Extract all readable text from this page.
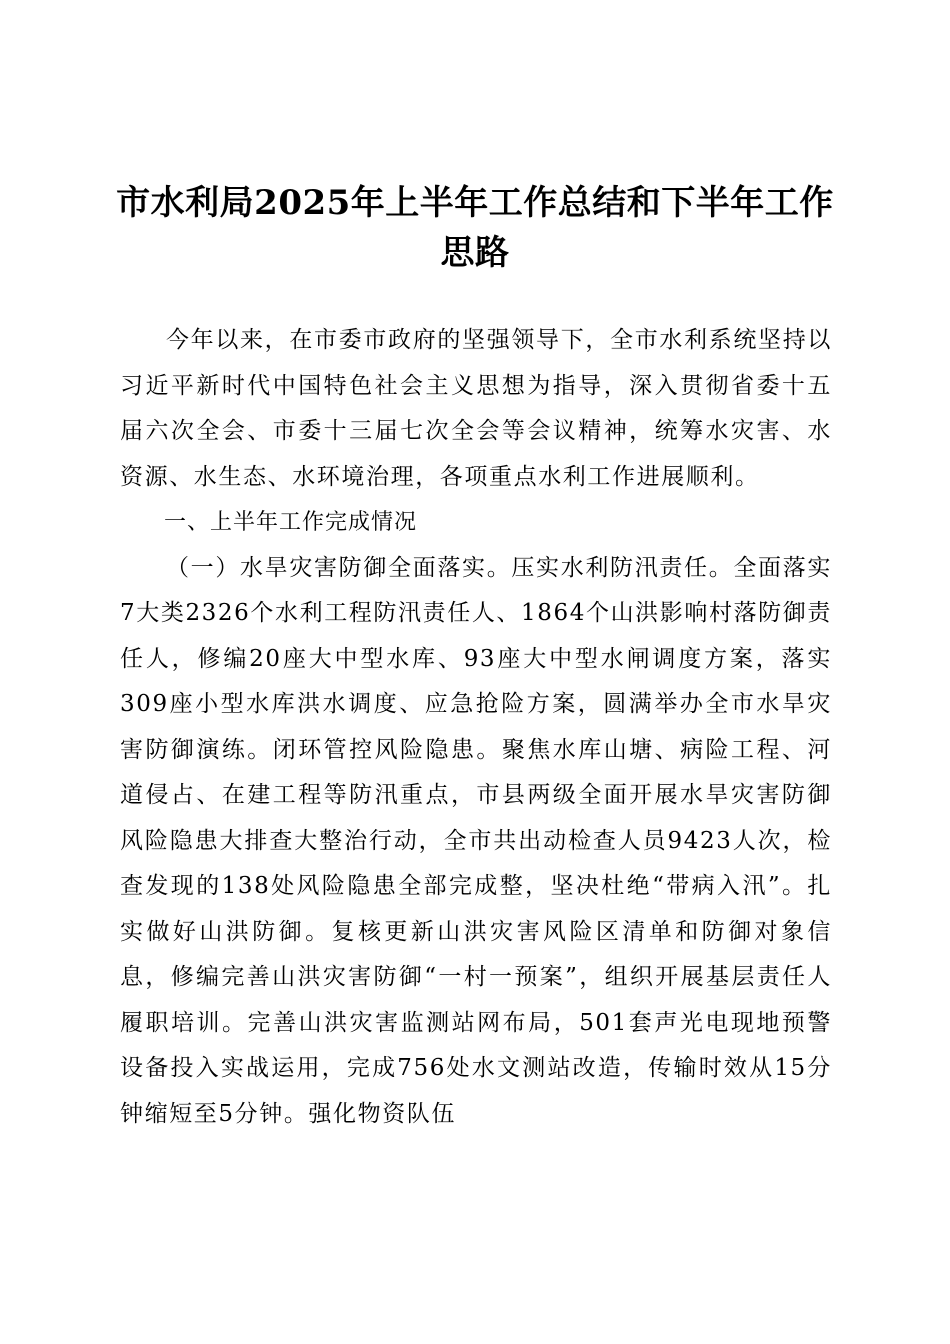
市水利局2025年上半年工作总结和下半年工作思路

今年以来，在市委市政府的坚强领导下，全市水利系统坚持以习近平新时代中国特色社会主义思想为指导，深入贯彻省委十五届六次全会、市委十三届七次全会等会议精神，统筹水灾害、水资源、水生态、水环境治理，各项重点水利工作进展顺利。

一、上半年工作完成情况

（一）水旱灾害防御全面落实。压实水利防汛责任。全面落实7大类2326个水利工程防汛责任人、1864个山洪影响村落防御责任人，修编20座大中型水库、93座大中型水闸调度方案，落实309座小型水库洪水调度、应急抢险方案，圆满举办全市水旱灾害防御演练。闭环管控风险隐患。聚焦水库山塘、病险工程、河道侵占、在建工程等防汛重点，市县两级全面开展水旱灾害防御风险隐患大排查大整治行动，全市共出动检查人员9423人次，检查发现的138处风险隐患全部完成整，坚决杜绝“带病入汛”。扎实做好山洪防御。复核更新山洪灾害风险区清单和防御对象信息，修编完善山洪灾害防御“一村一预案”，组织开展基层责任人履职培训。完善山洪灾害监测站网布局，501套声光电现地预警设备投入实战运用，完成756处水文测站改造，传输时效从15分钟缩短至5分钟。强化物资队伍
